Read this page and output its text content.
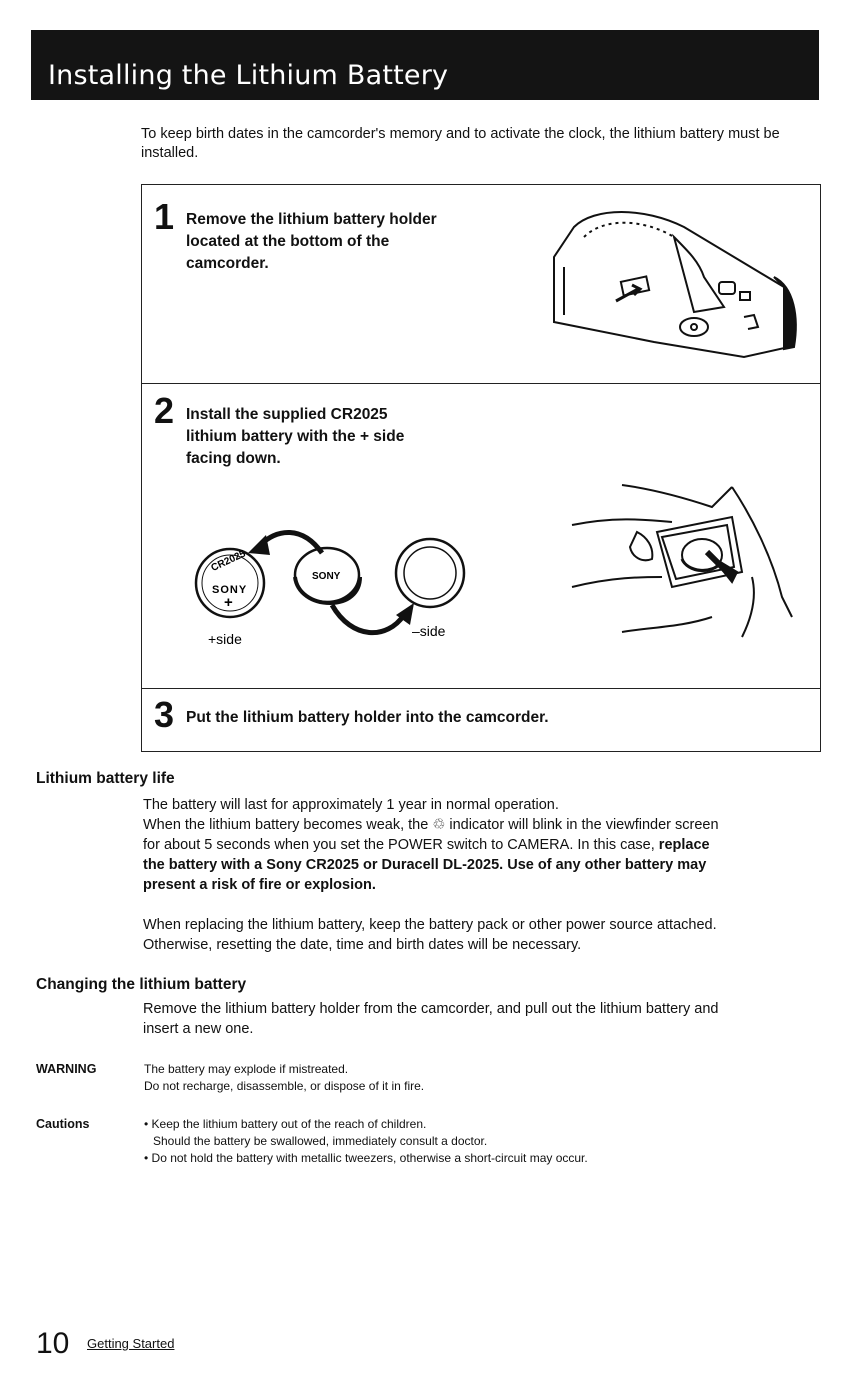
Installing the Lithium Battery

To keep birth dates in the camcorder's memory and to activate the clock, the lithium battery must be installed.

1 Remove the lithium battery holder
located at the bottom of the
camcorder.
2 Install the supplied CR2025
lithium battery with the + side
facing down.
CR2025
SONY
+
SONY
+side	–side
3 Put the lithium battery holder into the camcorder.
Lithium battery life
The battery will last for approximately 1 year in normal operation.
When the lithium battery becomes weak, the ♲ indicator will blink in the viewfinder screen
for about 5 seconds when you set the POWER switch to CAMERA. In this case, replace
the battery with a Sony CR2025 or Duracell DL-2025. Use of any other battery may
present a risk of fire or explosion.
When replacing the lithium battery, keep the battery pack or other power source attached.
Otherwise, resetting the date, time and birth dates will be necessary.
Changing the lithium battery
Remove the lithium battery holder from the camcorder, and pull out the lithium battery and
insert a new one.
WARNING	The battery may explode if mistreated.
Do not recharge, disassemble, or dispose of it in fire.
Cautions	• Keep the lithium battery out of the reach of children.
Should the battery be swallowed, immediately consult a doctor.
• Do not hold the battery with metallic tweezers, otherwise a short-circuit may occur.
10 Getting Started
